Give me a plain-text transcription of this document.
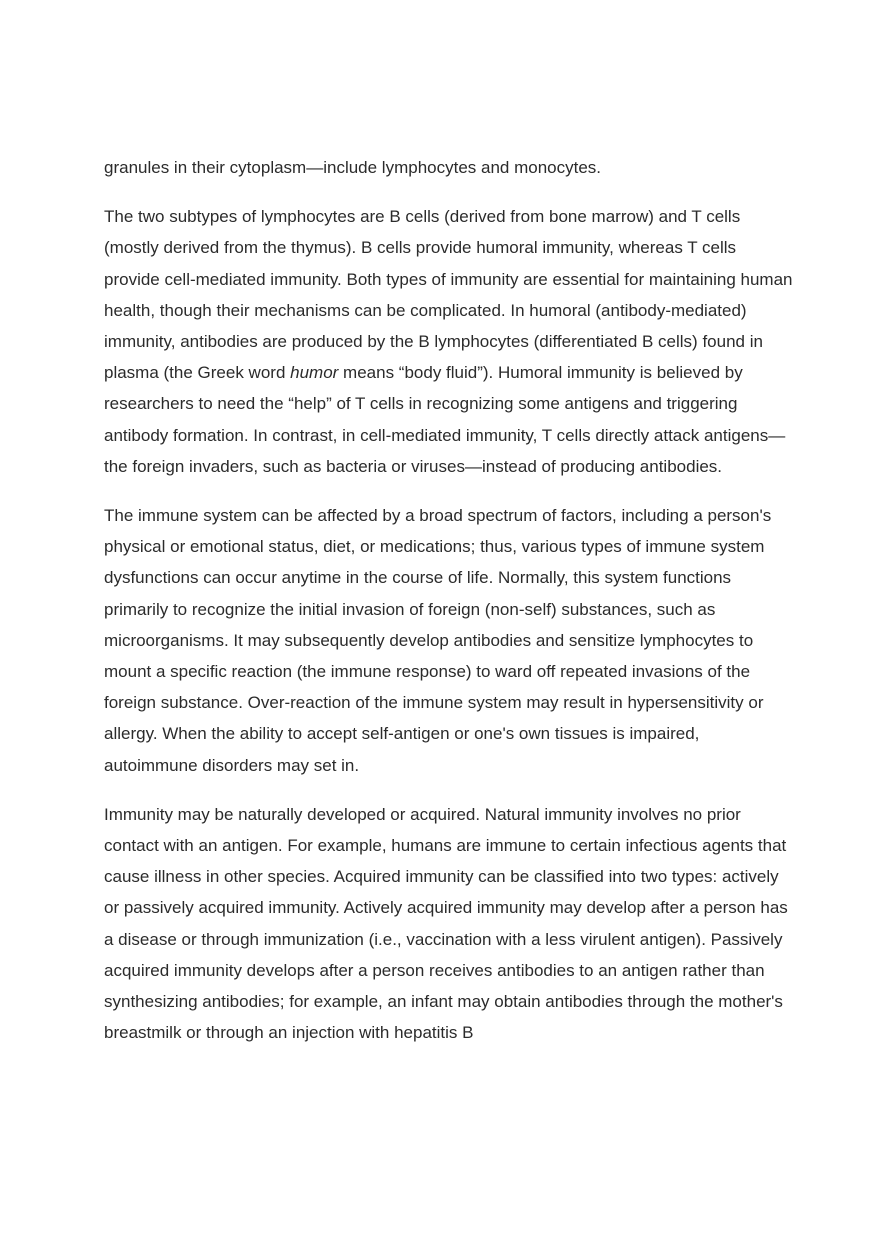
granules in their cytoplasm—include lymphocytes and monocytes.

The two subtypes of lymphocytes are B cells (derived from bone marrow) and T cells (mostly derived from the thymus). B cells provide humoral immunity, whereas T cells provide cell-mediated immunity. Both types of immunity are essential for maintaining human health, though their mechanisms can be complicated. In humoral (antibody-mediated) immunity, antibodies are produced by the B lymphocytes (differentiated B cells) found in plasma (the Greek word humor means “body fluid”). Humoral immunity is believed by researchers to need the “help” of T cells in recognizing some antigens and triggering antibody formation. In contrast, in cell-mediated immunity, T cells directly attack antigens—the foreign invaders, such as bacteria or viruses—instead of producing antibodies.

The immune system can be affected by a broad spectrum of factors, including a person's physical or emotional status, diet, or medications; thus, various types of immune system dysfunctions can occur anytime in the course of life. Normally, this system functions primarily to recognize the initial invasion of foreign (non-self) substances, such as microorganisms. It may subsequently develop antibodies and sensitize lymphocytes to mount a specific reaction (the immune response) to ward off repeated invasions of the foreign substance. Over-reaction of the immune system may result in hypersensitivity or allergy. When the ability to accept self-antigen or one's own tissues is impaired, autoimmune disorders may set in.

Immunity may be naturally developed or acquired. Natural immunity involves no prior contact with an antigen. For example, humans are immune to certain infectious agents that cause illness in other species. Acquired immunity can be classified into two types: actively or passively acquired immunity. Actively acquired immunity may develop after a person has a disease or through immunization (i.e., vaccination with a less virulent antigen). Passively acquired immunity develops after a person receives antibodies to an antigen rather than synthesizing antibodies; for example, an infant may obtain antibodies through the mother's breastmilk or through an injection with hepatitis B
